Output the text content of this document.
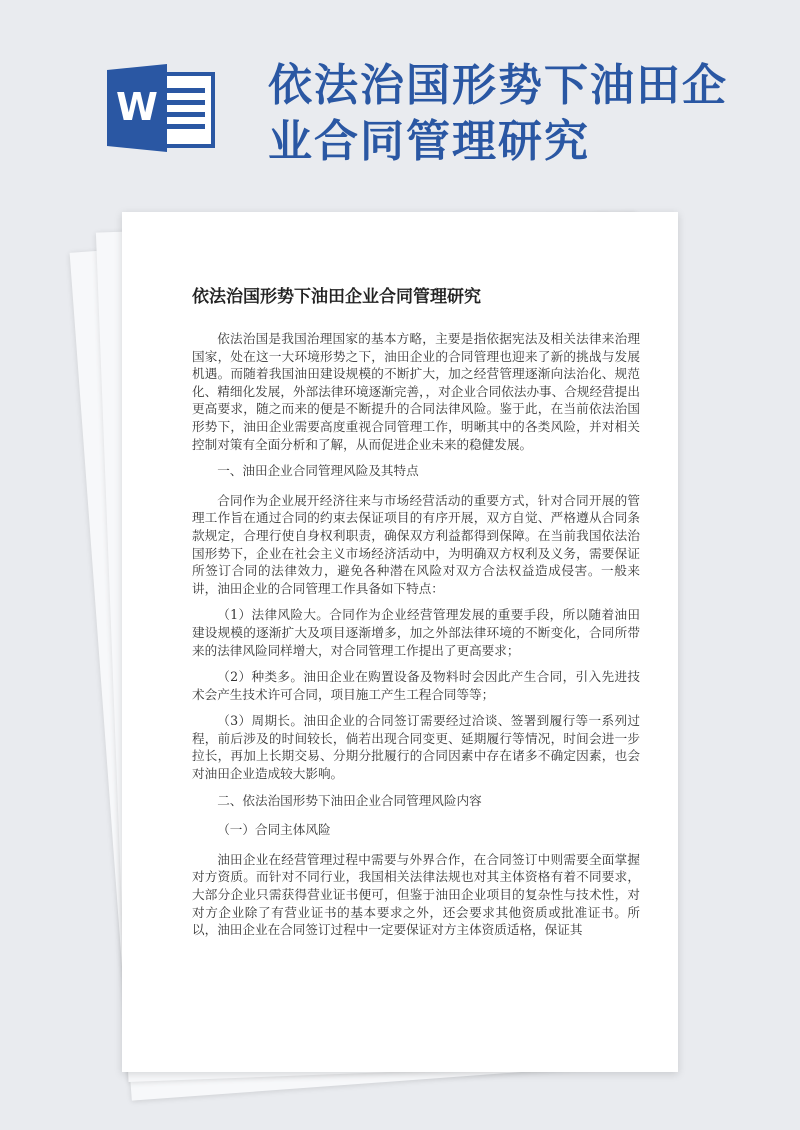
W	依法治国形势下油田企
业合同管理研究
依法治国形势下油田企业合同管理研究

依法治国是我国治理国家的基本方略，主要是指依据宪法及相关法律来治理国家，处在这一大环境形势之下，油田企业的合同管理也迎来了新的挑战与发展机遇。而随着我国油田建设规模的不断扩大，加之经营管理逐渐向法治化、规范化、精细化发展，外部法律环境逐渐完善，，对企业合同依法办事、合规经营提出更高要求，随之而来的便是不断提升的合同法律风险。鉴于此，在当前依法治国形势下，油田企业需要高度重视合同管理工作，明晰其中的各类风险，并对相关控制对策有全面分析和了解，从而促进企业未来的稳健发展。

一、油田企业合同管理风险及其特点

合同作为企业展开经济往来与市场经营活动的重要方式，针对合同开展的管理工作旨在通过合同的约束去保证项目的有序开展，双方自觉、严格遵从合同条款规定，合理行使自身权利职责，确保双方利益都得到保障。在当前我国依法治国形势下，企业在社会主义市场经济活动中，为明确双方权利及义务，需要保证所签订合同的法律效力，避免各种潜在风险对双方合法权益造成侵害。一般来讲，油田企业的合同管理工作具备如下特点：

（1）法律风险大。合同作为企业经营管理发展的重要手段，所以随着油田建设规模的逐渐扩大及项目逐渐增多，加之外部法律环境的不断变化，合同所带来的法律风险同样增大，对合同管理工作提出了更高要求；

（2）种类多。油田企业在购置设备及物料时会因此产生合同，引入先进技术会产生技术许可合同，项目施工产生工程合同等等；

（3）周期长。油田企业的合同签订需要经过洽谈、签署到履行等一系列过程，前后涉及的时间较长，倘若出现合同变更、延期履行等情况，时间会进一步拉长，再加上长期交易、分期分批履行的合同因素中存在诸多不确定因素，也会对油田企业造成较大影响。

二、依法治国形势下油田企业合同管理风险内容

（一）合同主体风险

油田企业在经营管理过程中需要与外界合作，在合同签订中则需要全面掌握对方资质。而针对不同行业，我国相关法律法规也对其主体资格有着不同要求，大部分企业只需获得营业证书便可，但鉴于油田企业项目的复杂性与技术性，对对方企业除了有营业证书的基本要求之外，还会要求其他资质或批准证书。所以，油田企业在合同签订过程中一定要保证对方主体资质适格，保证其
